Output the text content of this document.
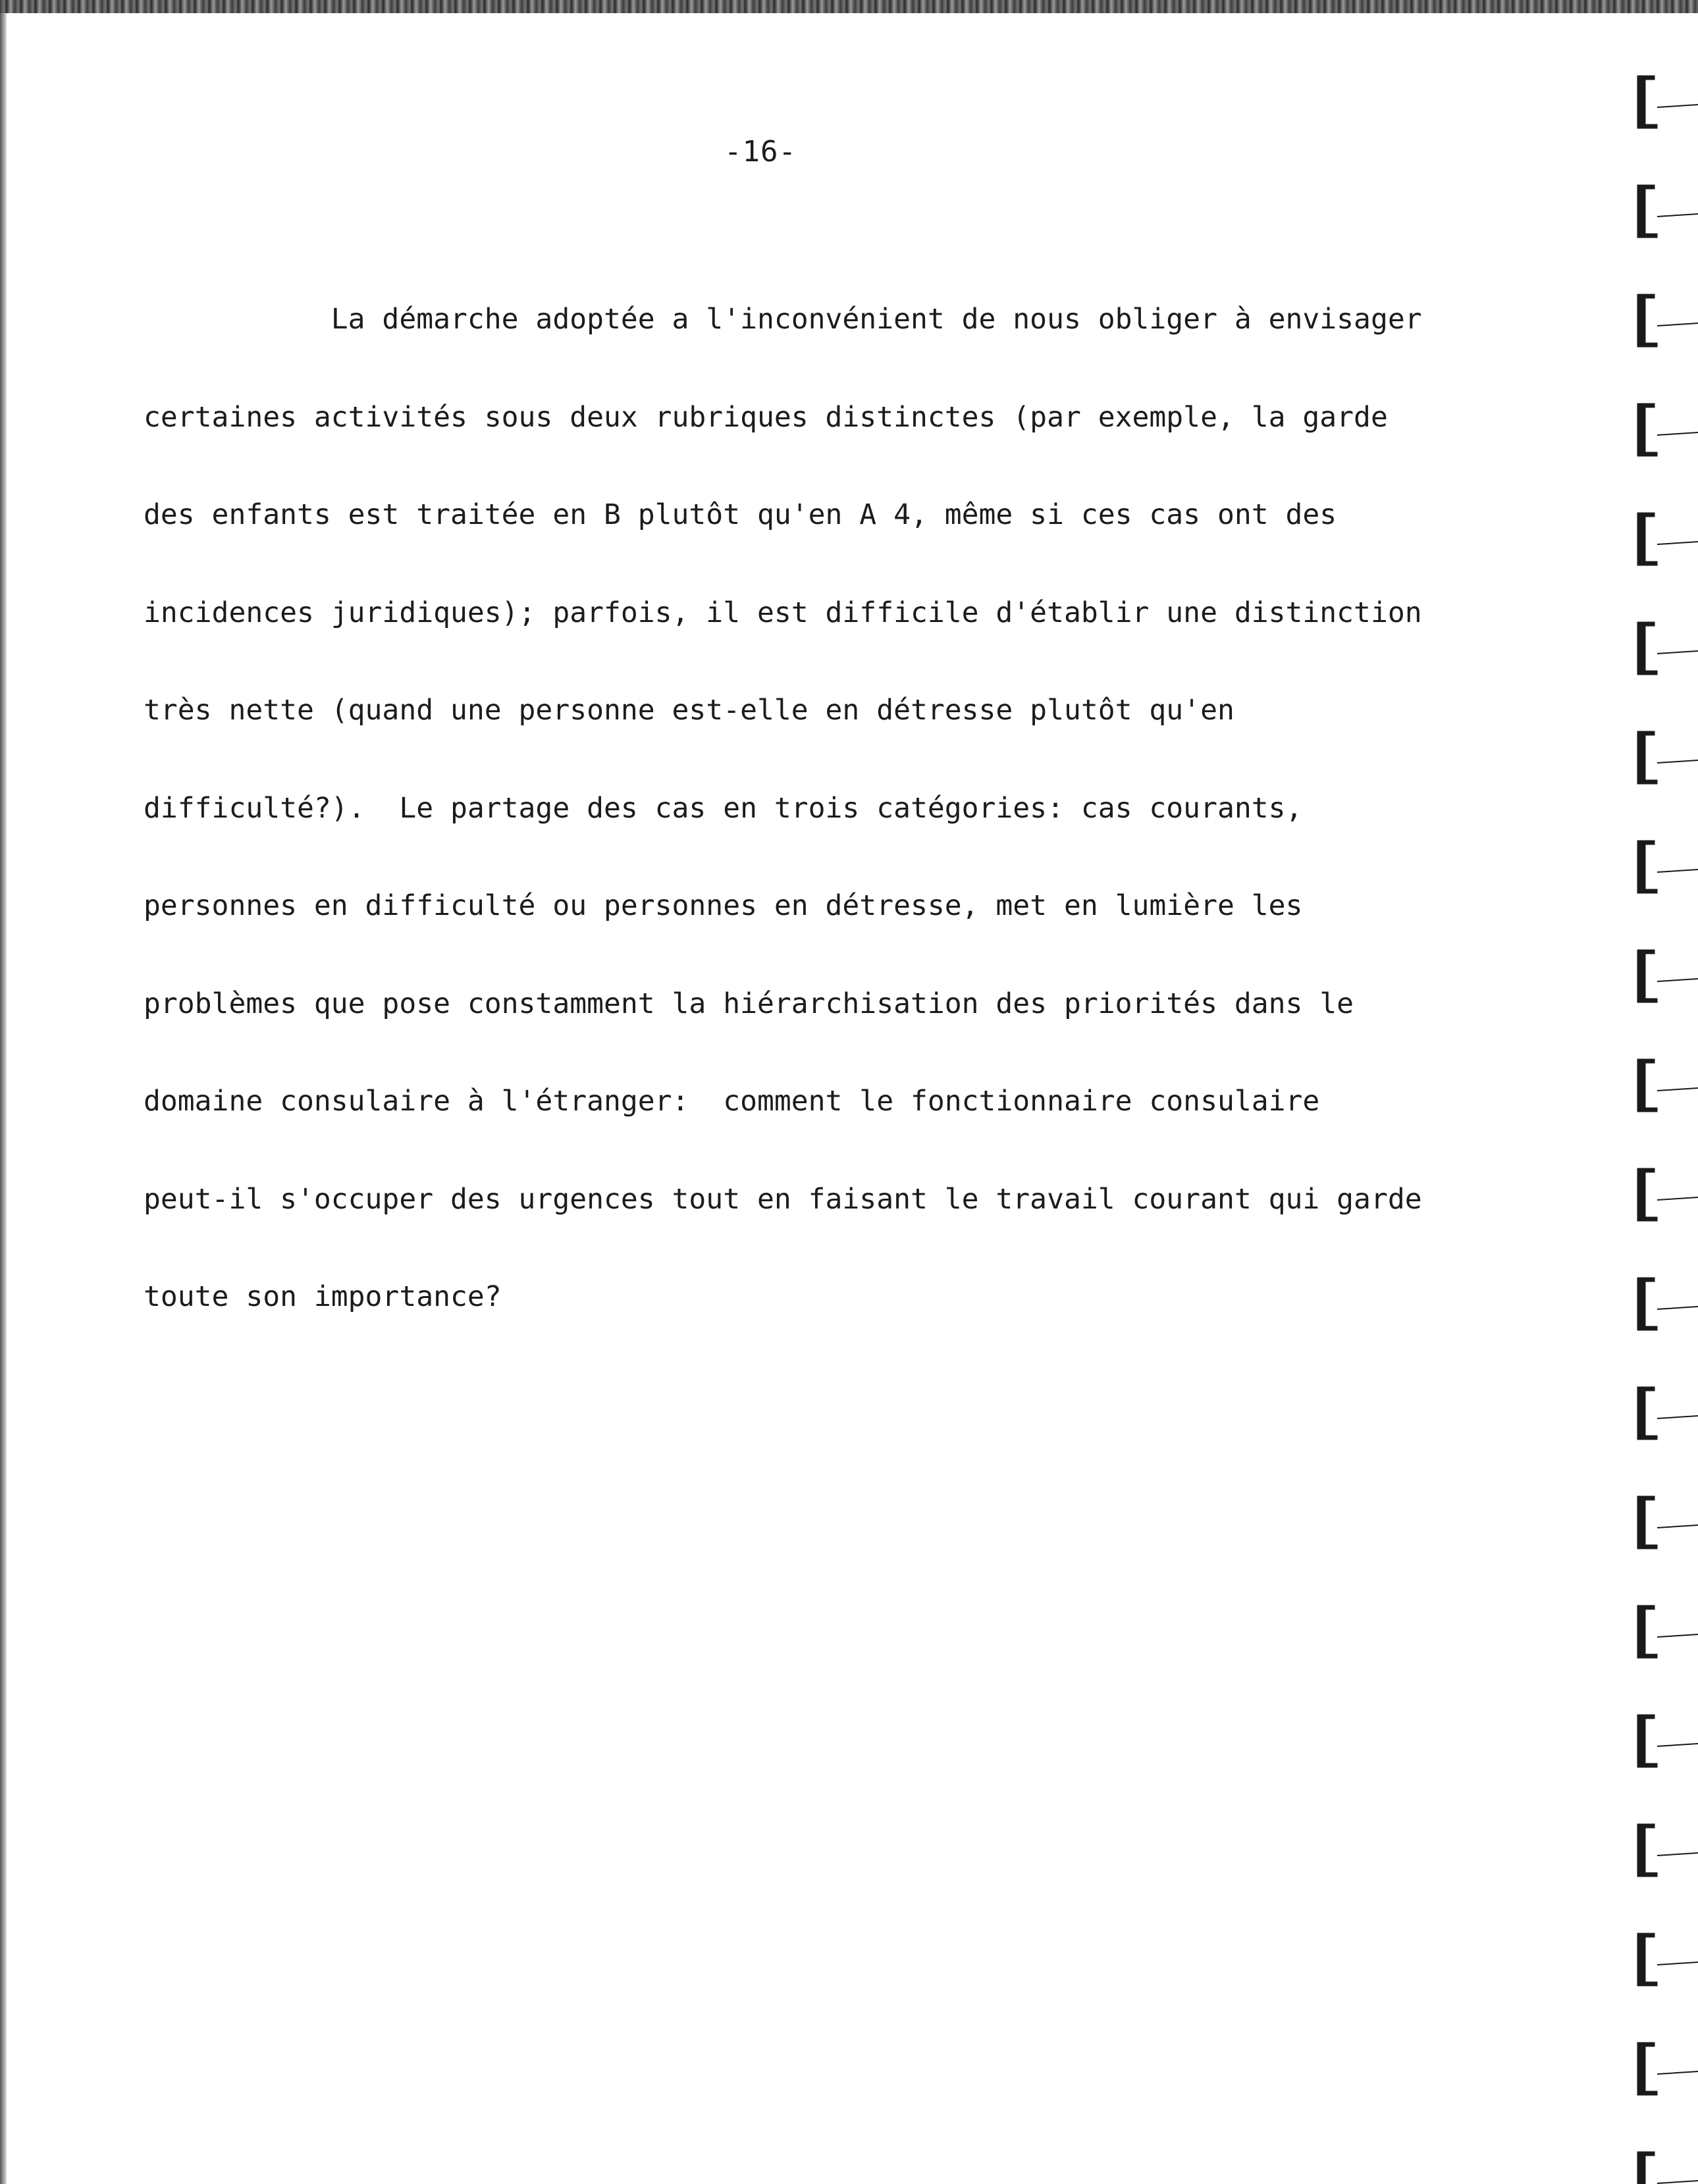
-16-

La démarche adoptée a l'inconvénient de nous obliger à envisager

certaines activités sous deux rubriques distinctes (par exemple, la garde

des enfants est traitée en B plutôt qu'en A 4, même si ces cas ont des

incidences juridiques); parfois, il est difficile d'établir une distinction

très nette (quand une personne est-elle en détresse plutôt qu'en

difficulté?).  Le partage des cas en trois catégories: cas courants,

personnes en difficulté ou personnes en détresse, met en lumière les

problèmes que pose constamment la hiérarchisation des priorités dans le

domaine consulaire à l'étranger:  comment le fonctionnaire consulaire

peut-il s'occuper des urgences tout en faisant le travail courant qui garde

toute son importance?
